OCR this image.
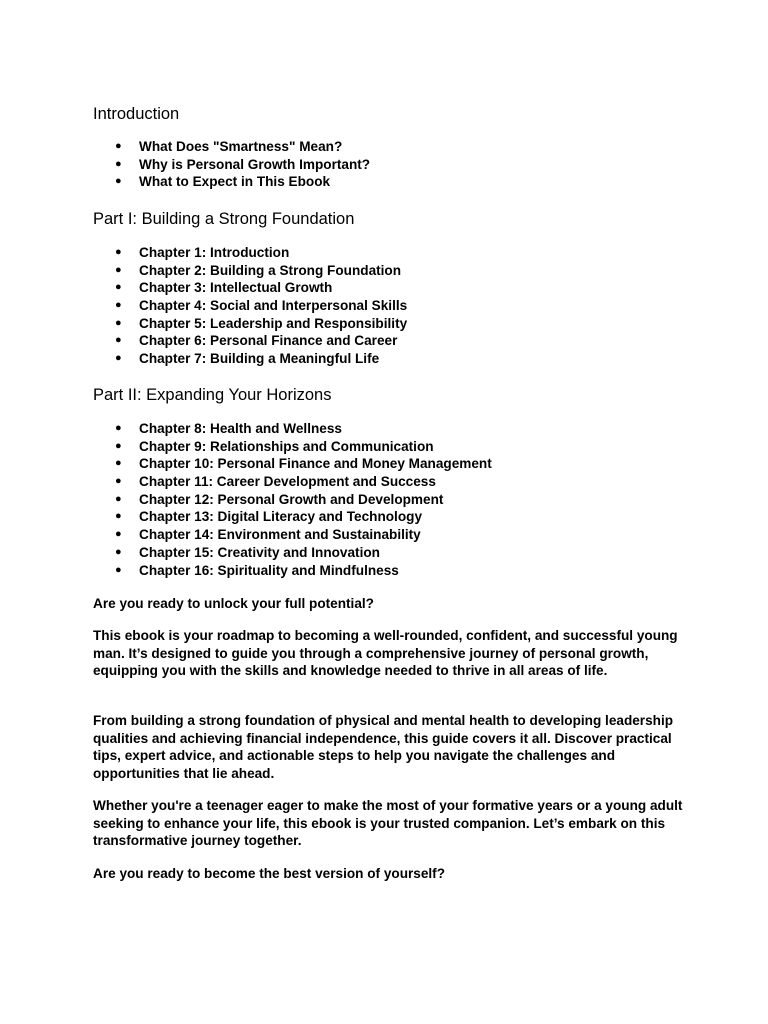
Introduction
● What Does "Smartness" Mean?
● Why is Personal Growth Important?
● What to Expect in This Ebook
Part I: Building a Strong Foundation
● Chapter 1: Introduction
● Chapter 2: Building a Strong Foundation
● Chapter 3: Intellectual Growth
● Chapter 4: Social and Interpersonal Skills
● Chapter 5: Leadership and Responsibility
● Chapter 6: Personal Finance and Career
● Chapter 7: Building a Meaningful Life
Part II: Expanding Your Horizons
● Chapter 8: Health and Wellness
● Chapter 9: Relationships and Communication
● Chapter 10: Personal Finance and Money Management
● Chapter 11: Career Development and Success
● Chapter 12: Personal Growth and Development
● Chapter 13: Digital Literacy and Technology
● Chapter 14: Environment and Sustainability
● Chapter 15: Creativity and Innovation
● Chapter 16: Spirituality and Mindfulness

Are you ready to unlock your full potential?

This ebook is your roadmap to becoming a well-rounded, confident, and successful young man. It’s designed to guide you through a comprehensive journey of personal growth, equipping you with the skills and knowledge needed to thrive in all areas of life.

From building a strong foundation of physical and mental health to developing leadership qualities and achieving financial independence, this guide covers it all. Discover practical tips, expert advice, and actionable steps to help you navigate the challenges and opportunities that lie ahead.

Whether you're a teenager eager to make the most of your formative years or a young adult seeking to enhance your life, this ebook is your trusted companion. Let’s embark on this transformative journey together.

Are you ready to become the best version of yourself?
